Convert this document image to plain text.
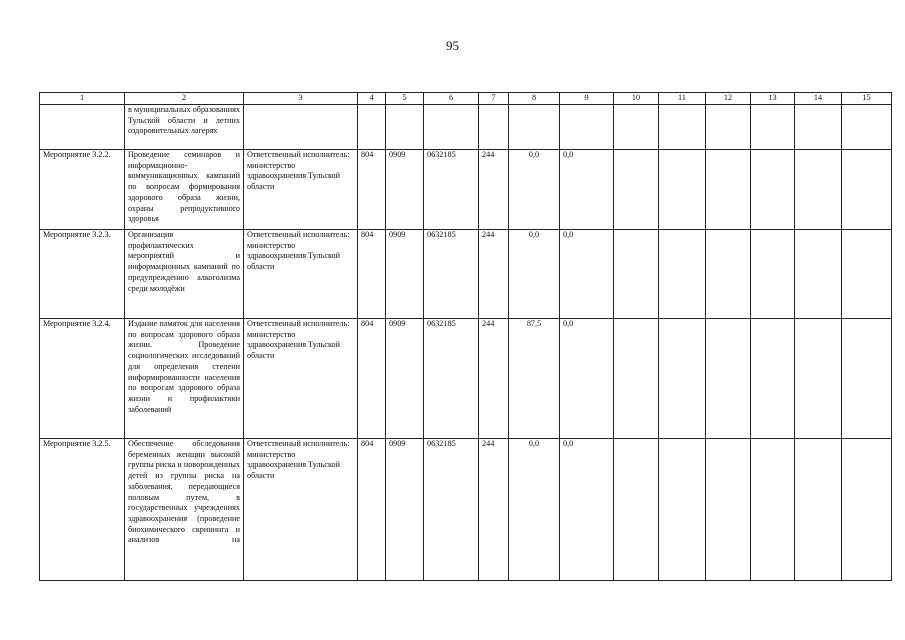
95
1	2	3	4	5	6	7	8	9	10	11	12	13	14	15
	в муниципальных образованиях Тульской области и летних оздоровительных лагерях													
Мероприятие 3.2.2.	Проведение семинаров и информационно-коммуникационных кампаний по вопросам формирования здорового образа жизни, охраны репродуктивного здоровья	Ответственный исполнитель: министерство здравоохранения Тульской области	804	0909	0632185	244	0,0	0,0						
Мероприятие 3.2.3.	Организация профилактических мероприятий и информационных кампаний по предупреждению алкоголизма среди молодёжи	Ответственный исполнитель: министерство здравоохранения Тульской области	804	0909	0632185	244	0,0	0,0						
Мероприятие 3.2.4.	Издание памяток для населения по вопросам здорового образа жизни. Проведение социологических исследований для определения степени информированности населения по вопросам здорового образа жизни и профилактики заболеваний	Ответственный исполнитель: министерство здравоохранения Тульской области	804	0909	0632185	244	87,5	0,0						
Мероприятие 3.2.5.	Обеспечение обследования беременных женщин высокой группы риска и новорожденных детей из группы риска на заболевания, передающиеся половым путем, в государственных учреждениях здравоохранения (проведение биохимического скрининга и анализов на	Ответственный исполнитель: министерство здравоохранения Тульской области	804	0909	0632185	244	0,0	0,0						
